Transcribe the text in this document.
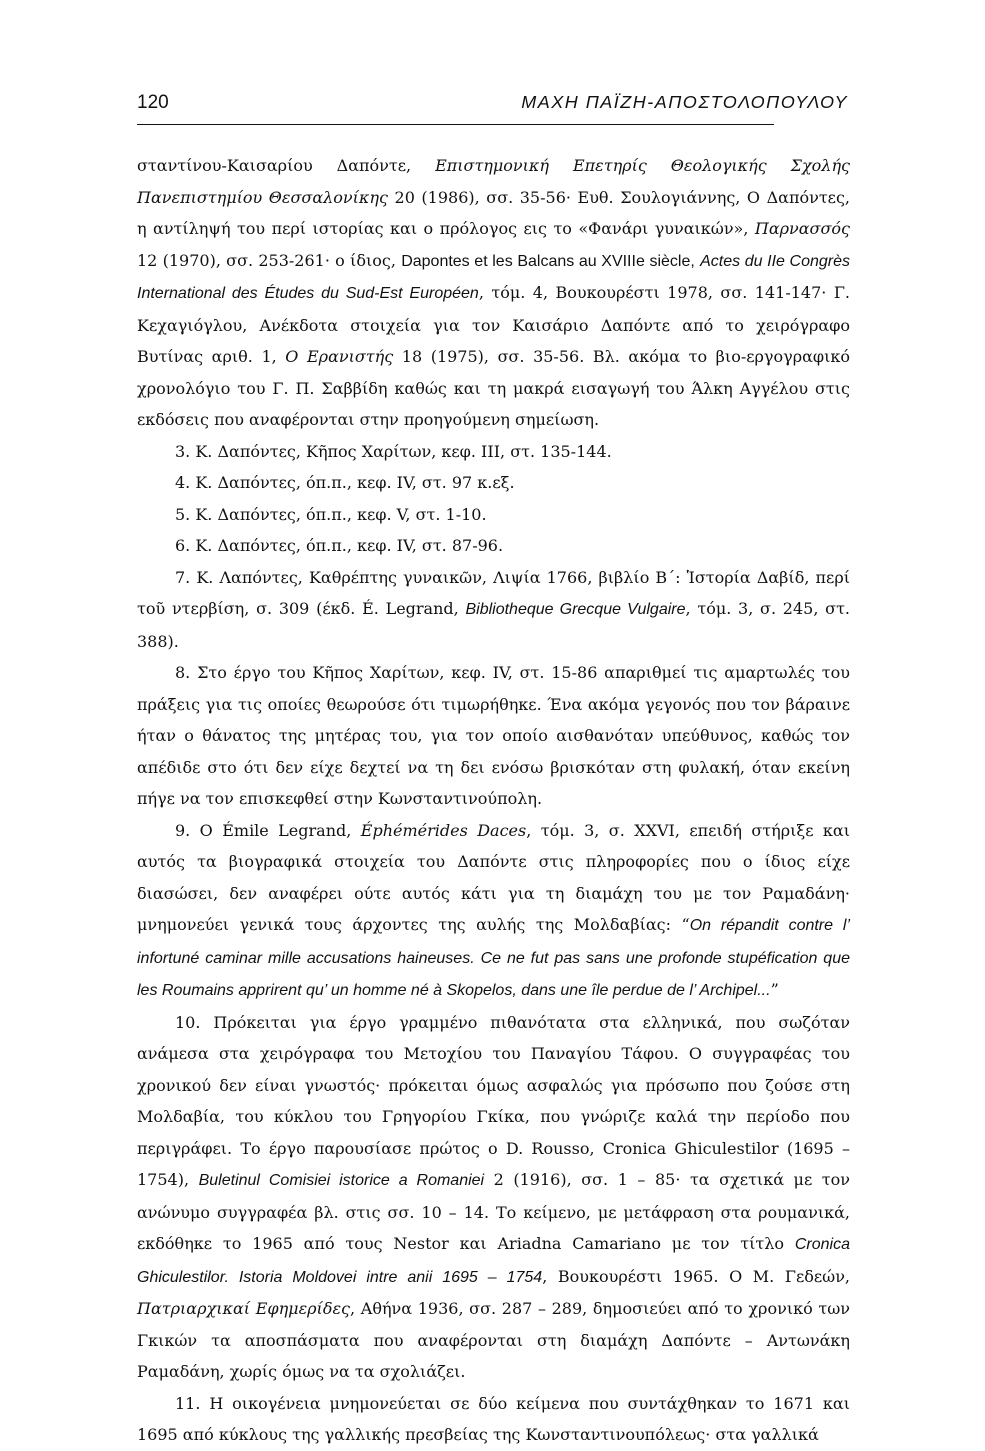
120	ΜΑΧΗ ΠΑΪΖΗ-ΑΠΟΣΤΟΛΟΠΟΥΛΟΥ

σταντίνου-Καισαρίου Δαπόντε, Επιστημονική Επετηρίς Θεολογικής Σχολής Πανεπιστημίου Θεσσαλονίκης 20 (1986), σσ. 35-56· Ευθ. Σουλογιάννης, Ο Δαπόντες, η αντίληψή του περί ιστορίας και ο πρόλογος εις το «Φανάρι γυναικών», Παρνασσός 12 (1970), σσ. 253-261· ο ίδιος, Dapontes et les Balcans au XVIIIe siècle, Actes du IIe Congrès International des Études du Sud-Est Européen, τόμ. 4, Βουκουρέστι 1978, σσ. 141-147· Γ. Κεχαγιόγλου, Ανέκδοτα στοιχεία για τον Καισάριο Δαπόντε από το χειρόγραφο Βυτίνας αριθ. 1, Ο Ερανιστής 18 (1975), σσ. 35-56. Βλ. ακόμα το βιο-εργογραφικό χρονολόγιο του Γ. Π. Σαββίδη καθώς και τη μακρά εισαγωγή του Άλκη Αγγέλου στις εκδόσεις που αναφέρονται στην προηγούμενη σημείωση.

3. Κ. Δαπόντες, Κῆπος Χαρίτων, κεφ. III, στ. 135-144.

4. Κ. Δαπόντες, όπ.π., κεφ. IV, στ. 97 κ.εξ.

5. Κ. Δαπόντες, όπ.π., κεφ. V, στ. 1-10.

6. Κ. Δαπόντες, όπ.π., κεφ. IV, στ. 87-96.

7. Κ. Λαπόντες, Καθρέπτης γυναικῶν, Λιψία 1766, βιβλίο Β΄: Ἱστορία Δαβίδ, περί τοῦ ντερβίση, σ. 309 (έκδ. É. Legrand, Bibliotheque Grecque Vulgaire, τόμ. 3, σ. 245, στ. 388).

8. Στο έργο του Κῆπος Χαρίτων, κεφ. IV, στ. 15-86 απαριθμεί τις αμαρτωλές του πράξεις για τις οποίες θεωρούσε ότι τιμωρήθηκε. Ένα ακόμα γεγονός που τον βάραινε ήταν ο θάνατος της μητέρας του, για τον οποίο αισθανόταν υπεύθυνος, καθώς τον απέδιδε στο ότι δεν είχε δεχτεί να τη δει ενόσω βρισκόταν στη φυλακή, όταν εκείνη πήγε να τον επισκεφθεί στην Κωνσταντινούπολη.

9. Ο Émile Legrand, Éphémérides Daces, τόμ. 3, σ. XXVI, επειδή στήριξε και αυτός τα βιογραφικά στοιχεία του Δαπόντε στις πληροφορίες που ο ίδιος είχε διασώσει, δεν αναφέρει ούτε αυτός κάτι για τη διαμάχη του με τον Ραμαδάνη· μνημονεύει γενικά τους άρχοντες της αυλής της Μολδαβίας: “On répandit contre l’ infortuné caminar mille accusations haineuses. Ce ne fut pas sans une profonde stupéfication que les Roumains apprirent qu’ un homme né à Skopelos, dans une île perdue de l’ Archipel...”

10. Πρόκειται για έργο γραμμένο πιθανότατα στα ελληνικά, που σωζόταν ανάμεσα στα χειρόγραφα του Μετοχίου του Παναγίου Τάφου. Ο συγγραφέας του χρονικού δεν είναι γνωστός· πρόκειται όμως ασφαλώς για πρόσωπο που ζούσε στη Μολδαβία, του κύκλου του Γρηγορίου Γκίκα, που γνώριζε καλά την περίοδο που περιγράφει. Το έργο παρουσίασε πρώτος ο D. Rousso, Cronica Ghiculestilor (1695 – 1754), Buletinul Comisiei istorice a Romaniei 2 (1916), σσ. 1 – 85· τα σχετικά με τον ανώνυμο συγγραφέα βλ. στις σσ. 10 – 14. Το κείμενο, με μετάφραση στα ρουμανικά, εκδόθηκε το 1965 από τους Nestor και Ariadna Camariano με τον τίτλο Cronica Ghiculestilor. Istoria Moldovei intre anii 1695 – 1754, Βουκουρέστι 1965. Ο Μ. Γεδεών, Πατριαρχικαί Εφημερίδες, Αθήνα 1936, σσ. 287 – 289, δημοσιεύει από το χρονικό των Γκικών τα αποσπάσματα που αναφέρονται στη διαμάχη Δαπόντε – Αντωνάκη Ραμαδάνη, χωρίς όμως να τα σχολιάζει.

11. Η οικογένεια μνημονεύεται σε δύο κείμενα που συντάχθηκαν το 1671 και 1695 από κύκλους της γαλλικής πρεσβείας της Κωνσταντινουπόλεως· στα γαλλικά
